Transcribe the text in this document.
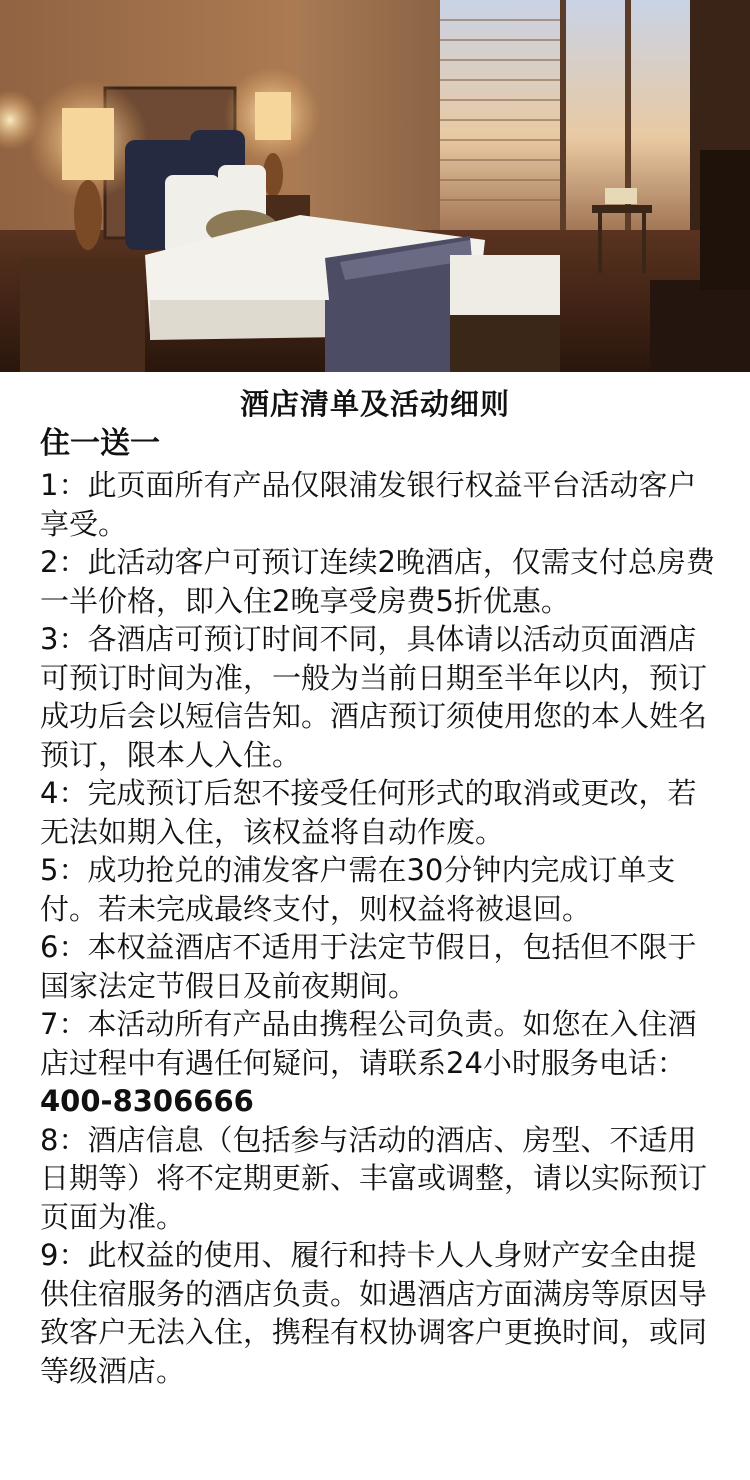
酒店清单及活动细则
住一送一

1：此页面所有产品仅限浦发银行权益平台活动客户享受。

2：此活动客户可预订连续2晚酒店，仅需支付总房费一半价格，即入住2晚享受房费5折优惠。

3：各酒店可预订时间不同，具体请以活动页面酒店可预订时间为准，一般为当前日期至半年以内，预订成功后会以短信告知。酒店预订须使用您的本人姓名预订，限本人入住。

4：完成预订后恕不接受任何形式的取消或更改，若无法如期入住，该权益将自动作废。

5：成功抢兑的浦发客户需在30分钟内完成订单支付。若未完成最终支付，则权益将被退回。

6：本权益酒店不适用于法定节假日，包括但不限于国家法定节假日及前夜期间。

7：本活动所有产品由携程公司负责。如您在入住酒店过程中有遇任何疑问，请联系24小时服务电话：400-8306666

8：酒店信息（包括参与活动的酒店、房型、不适用日期等）将不定期更新、丰富或调整，请以实际预订页面为准。

9：此权益的使用、履行和持卡人人身财产安全由提供住宿服务的酒店负责。如遇酒店方面满房等原因导致客户无法入住，携程有权协调客户更换时间，或同等级酒店。
